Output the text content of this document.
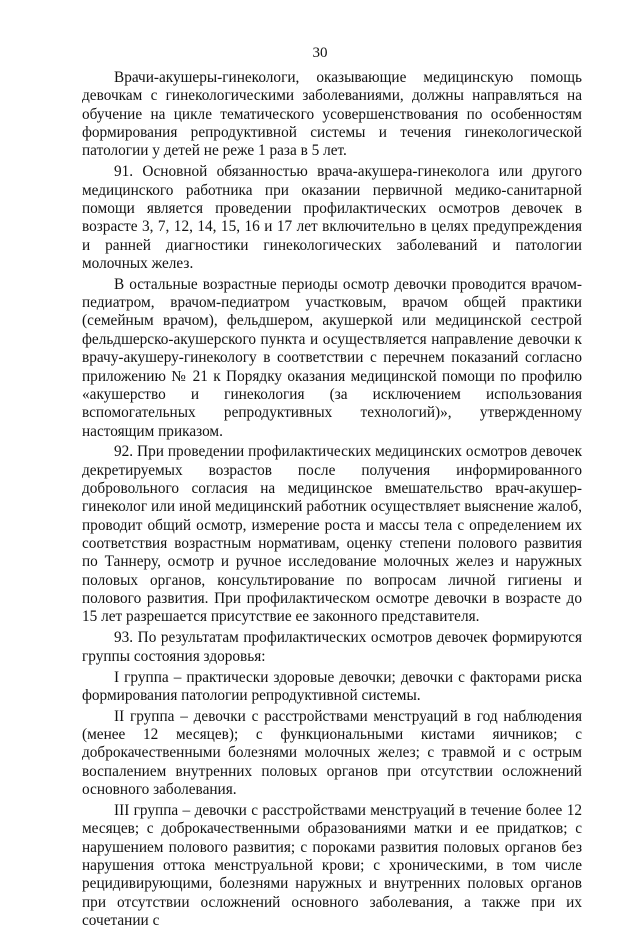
30

Врачи-акушеры-гинекологи, оказывающие медицинскую помощь девочкам с гинекологическими заболеваниями, должны направляться на обучение на цикле тематического усовершенствования по особенностям формирования репродуктивной системы и течения гинекологической патологии у детей не реже 1 раза в 5 лет.

91. Основной обязанностью врача-акушера-гинеколога или другого медицинского работника при оказании первичной медико-санитарной помощи является проведении профилактических осмотров девочек в возрасте 3, 7, 12, 14, 15, 16 и 17 лет включительно в целях предупреждения и ранней диагностики гинекологических заболеваний и патологии молочных желез.

В остальные возрастные периоды осмотр девочки проводится врачом-педиатром, врачом-педиатром участковым, врачом общей практики (семейным врачом), фельдшером, акушеркой или медицинской сестрой фельдшерско-акушерского пункта и осуществляется направление девочки к врачу-акушеру-гинекологу в соответствии с перечнем показаний согласно приложению № 21 к Порядку оказания медицинской помощи по профилю «акушерство и гинекология (за исключением использования вспомогательных репродуктивных технологий)», утвержденному настоящим приказом.

92. При проведении профилактических медицинских осмотров девочек декретируемых возрастов после получения информированного добровольного согласия на медицинское вмешательство врач-акушер-гинеколог или иной медицинский работник осуществляет выяснение жалоб, проводит общий осмотр, измерение роста и массы тела с определением их соответствия возрастным нормативам, оценку степени полового развития по Таннеру, осмотр и ручное исследование молочных желез и наружных половых органов, консультирование по вопросам личной гигиены и полового развития. При профилактическом осмотре девочки в возрасте до 15 лет разрешается присутствие ее законного представителя.

93. По результатам профилактических осмотров девочек формируются группы состояния здоровья:

I группа – практически здоровые девочки; девочки с факторами риска формирования патологии репродуктивной системы.

II группа – девочки с расстройствами менструаций в год наблюдения (менее 12 месяцев); с функциональными кистами яичников; с доброкачественными болезнями молочных желез; с травмой и с острым воспалением внутренних половых органов при отсутствии осложнений основного заболевания.

III группа – девочки с расстройствами менструаций в течение более 12 месяцев; с доброкачественными образованиями матки и ее придатков; с нарушением полового развития; с пороками развития половых органов без нарушения оттока менструальной крови; с хроническими, в том числе рецидивирующими, болезнями наружных и внутренних половых органов при отсутствии осложнений основного заболевания, а также при их сочетании с
